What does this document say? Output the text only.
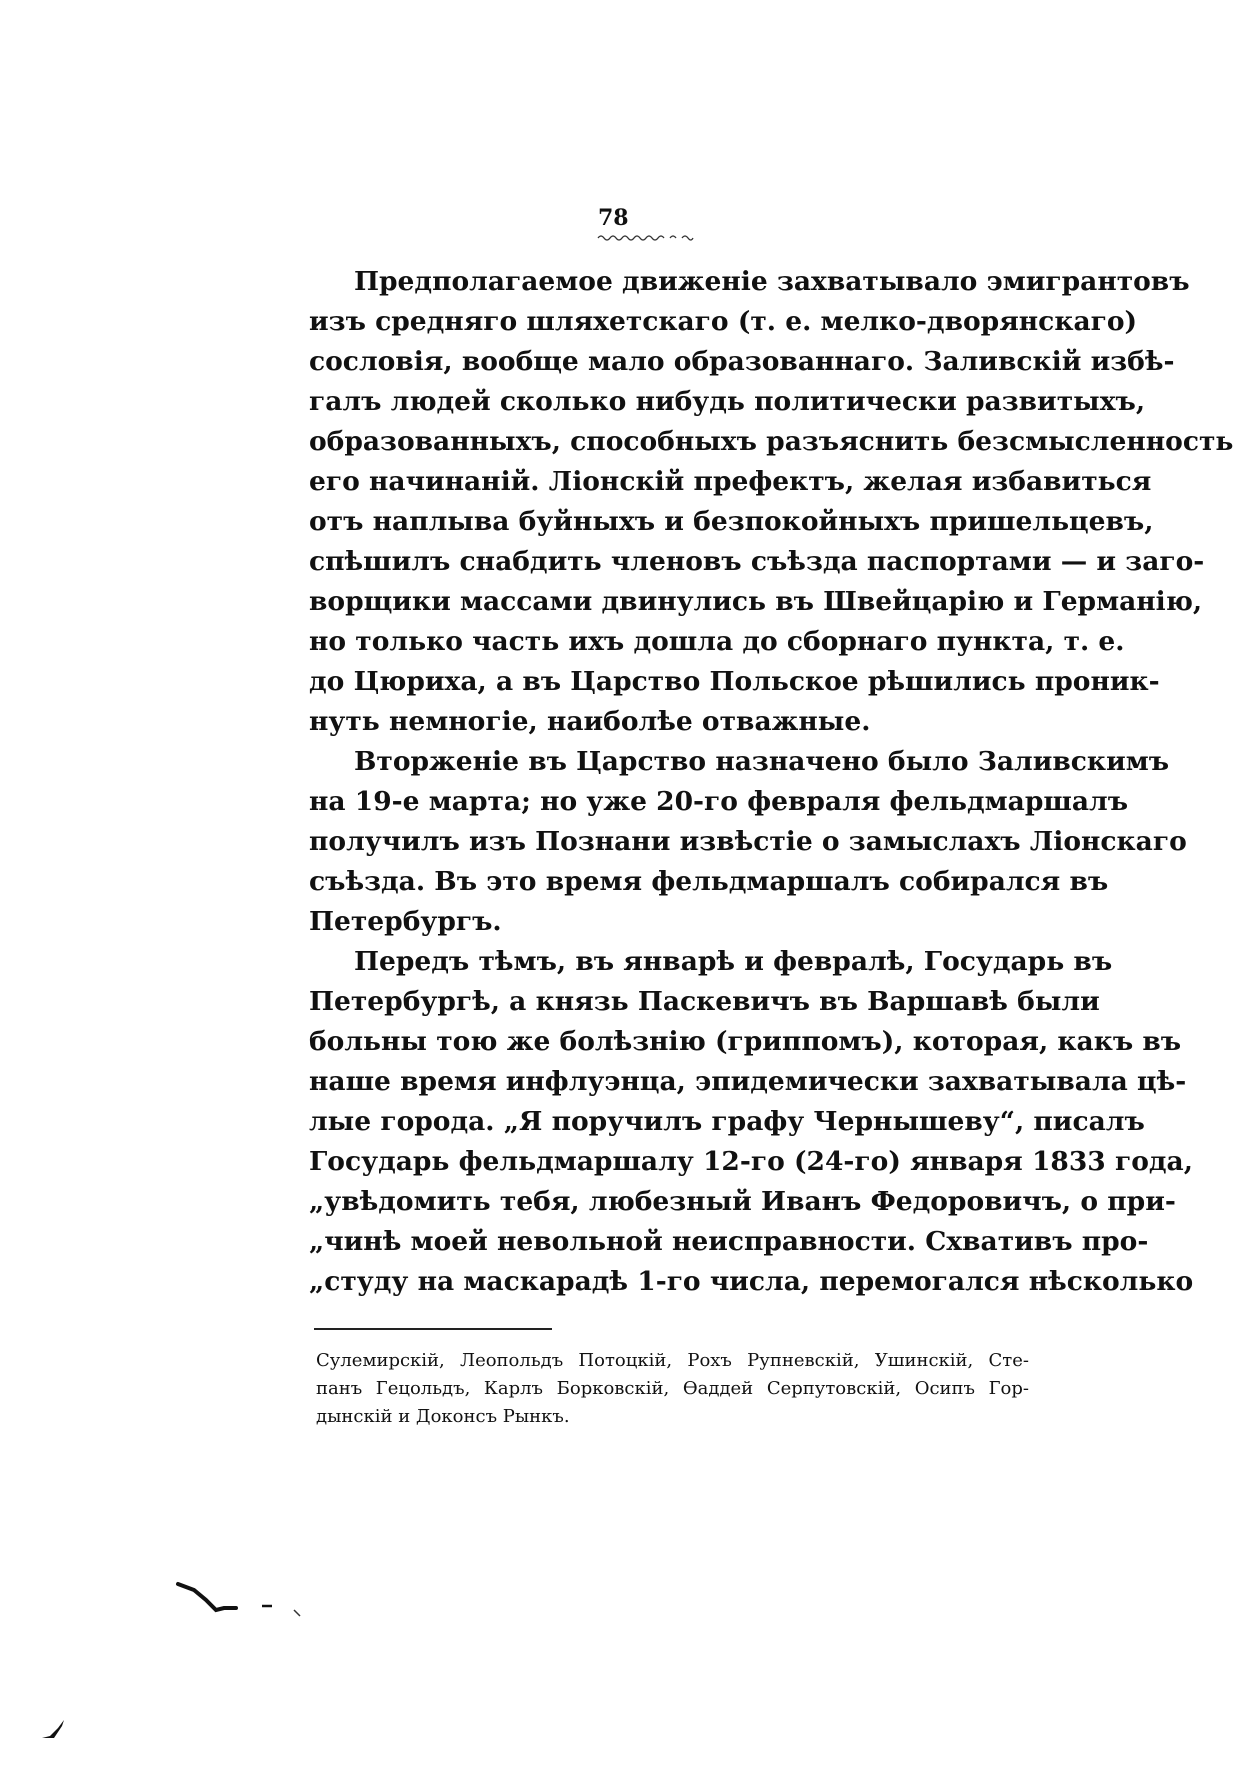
78
Предполагаемое движеніе захватывало эмигрантовъ
изъ средняго шляхетскаго (т. е. мелко-дворянскаго)
сословія, вообще мало образованнаго. Заливскій избѣ-
галъ людей сколько нибудь политически развитыхъ,
образованныхъ, способныхъ разъяснить безсмысленность
его начинаній. Ліонскій префектъ, желая избавиться
отъ наплыва буйныхъ и безпокойныхъ пришельцевъ,
спѣшилъ снабдить членовъ съѣзда паспортами — и заго-
ворщики массами двинулись въ Швейцарію и Германію,
но только часть ихъ дошла до сборнаго пункта, т. е.
до Цюриха, а въ Царство Польское рѣшились проник-
нуть немногіе, наиболѣе отважные.
Вторженіе въ Царство назначено было Заливскимъ
на 19-е марта; но уже 20-го февраля фельдмаршалъ
получилъ изъ Познани извѣстіе о замыслахъ Ліонскаго
съѣзда. Въ это время фельдмаршалъ собирался въ
Петербургъ.
Передъ тѣмъ, въ январѣ и февралѣ, Государь въ
Петербургѣ, а князь Паскевичъ въ Варшавѣ были
больны тою же болѣзнію (гриппомъ), которая, какъ въ
наше время инфлуэнца, эпидемически захватывала цѣ-
лые города. „Я поручилъ графу Чернышеву“, писалъ
Государь фельдмаршалу 12-го (24-го) января 1833 года,
„увѣдомить тебя, любезный Иванъ Федоровичъ, о при-
„чинѣ моей невольной неисправности. Схвативъ про-
„студу на маскарадѣ 1-го числа, перемогался нѣсколько
Сулемирскій, Леопольдъ Потоцкій, Рохъ Рупневскій, Ушинскій, Сте-
панъ Гецольдъ, Карлъ Борковскій, Ѳаддей Серпутовскій, Осипъ Гор-
дынскій и Доконсъ Рынкъ.
